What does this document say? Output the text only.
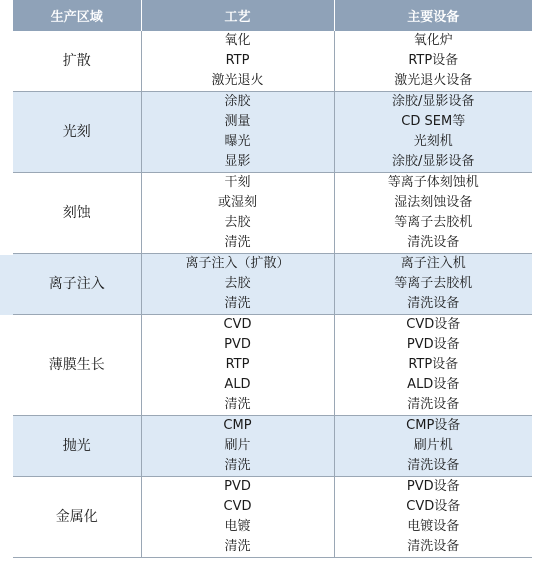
生产区域	工艺	主要设备
扩散	氧化	氧化炉
	RTP	RTP设备
	激光退火	激光退火设备
光刻	涂胶	涂胶/显影设备
	测量	CD SEM等
	曝光	光刻机
	显影	涂胶/显影设备
刻蚀	干刻	等离子体刻蚀机
	或湿刻	湿法刻蚀设备
	去胶	等离子去胶机
	清洗	清洗设备
离子注入	离子注入（扩散）	离子注入机
	去胶	等离子去胶机
	清洗	清洗设备
薄膜生长	CVD	CVD设备
	PVD	PVD设备
	RTP	RTP设备
	ALD	ALD设备
	清洗	清洗设备
抛光	CMP	CMP设备
	刷片	刷片机
	清洗	清洗设备
金属化	PVD	PVD设备
	CVD	CVD设备
	电镀	电镀设备
	清洗	清洗设备
